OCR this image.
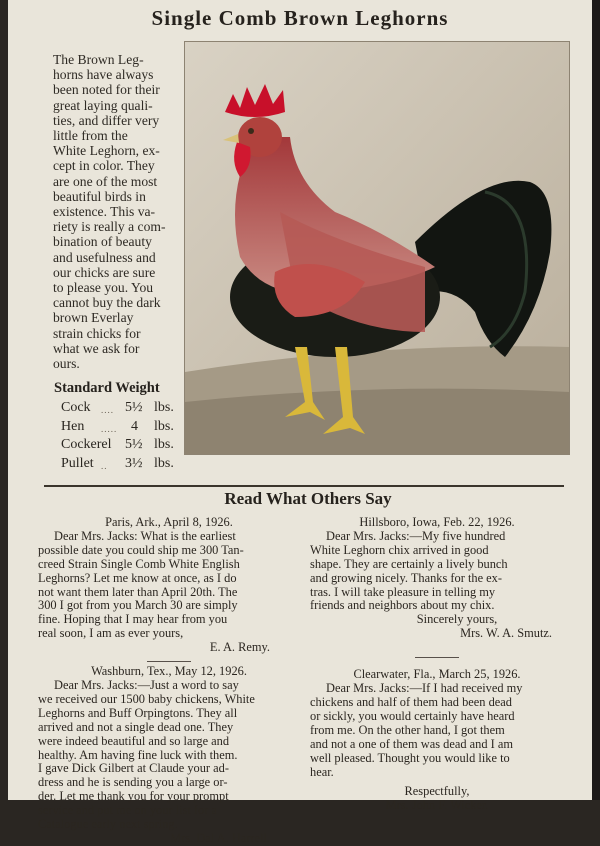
Single Comb Brown Leghorns
The Brown Leg-
horns have always
been noted for their
great laying quali-
ties, and differ very
little from the
White Leghorn, ex-
cept in color. They
are one of the most
beautiful birds in
existence. This va-
riety is really a com-
bination of beauty
and usefulness and
our chicks are sure
to please you. You
cannot buy the dark
brown Everlay
strain chicks for
what we ask for
ours.

Standard Weight

Cock .... 5½ lbs.
Hen ..... 4 lbs.
Cockerel 5½ lbs.
Pullet .. 3½ lbs.
Read What Others Say

Paris, Ark., April 8, 1926.

Dear Mrs. Jacks: What is the earliest
possible date you could ship me 300 Tan-
creed Strain Single Comb White English
Leghorns? Let me know at once, as I do
not want them later than April 20th. The
300 I got from you March 30 are simply
fine. Hoping that I may hear from you
real soon, I am as ever yours,

E. A. Remy.

Washburn, Tex., May 12, 1926.

Dear Mrs. Jacks:—Just a word to say
we received our 1500 baby chickens, White
Leghorns and Buff Orpingtons. They all
arrived and not a single dead one. They
were indeed beautiful and so large and
healthy. Am having fine luck with them.
I gave Dick Gilbert at Claude your ad-
dress and he is sending you a large or-
der. Let me thank you for your prompt
service and put me on your list for a
Catalogue early next spring.

Mrs. Dal A. Harrell.

Hillsboro, Iowa, Feb. 22, 1926.

Dear Mrs. Jacks:—My five hundred
White Leghorn chix arrived in good
shape. They are certainly a lively bunch
and growing nicely. Thanks for the ex-
tras. I will take pleasure in telling my
friends and neighbors about my chix.

Sincerely yours,

Mrs. W. A. Smutz.

Clearwater, Fla., March 25, 1926.

Dear Mrs. Jacks:—If I had received my
chickens and half of them had been dead
or sickly, you would certainly have heard
from me. On the other hand, I got them
and not a one of them was dead and I am
well pleased. Thought you would like to
hear.

Respectfully,

Mrs. John F. Wicker.
